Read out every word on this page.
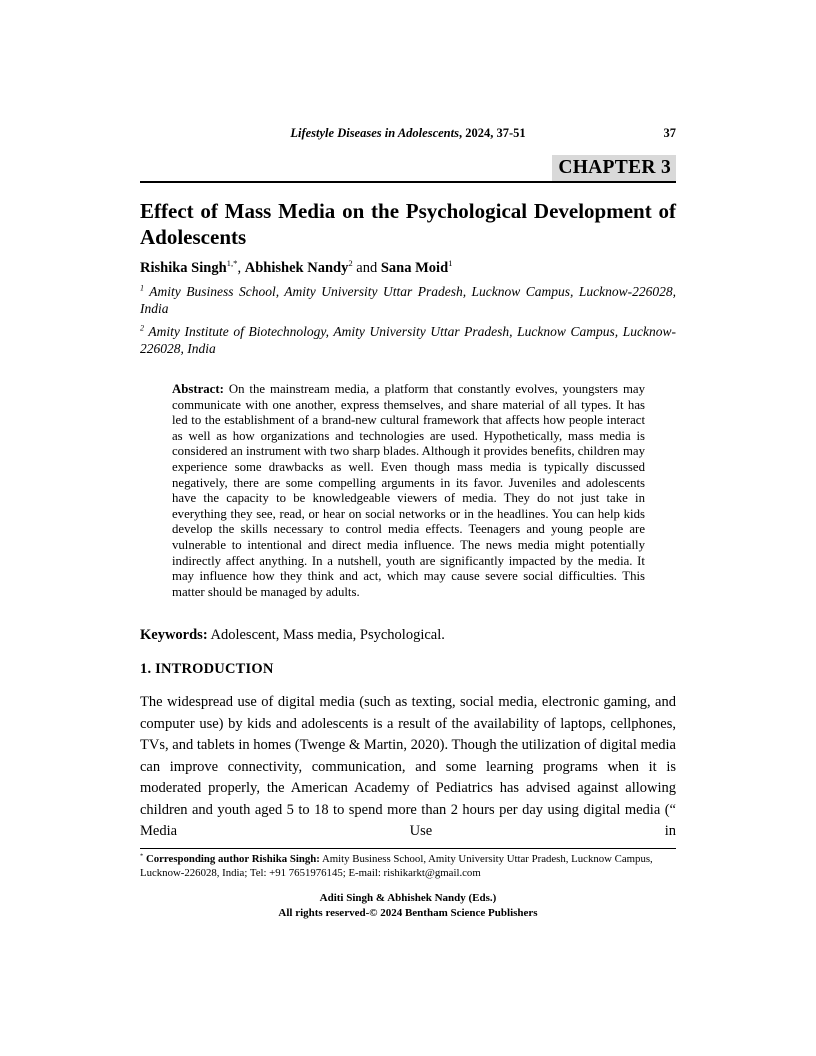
Lifestyle Diseases in Adolescents, 2024, 37-51	37
CHAPTER 3
Effect of Mass Media on the Psychological Development of Adolescents

Rishika Singh$^{1,*}$, Abhishek Nandy$^2$ and Sana Moid$^1$

$^1$ Amity Business School, Amity University Uttar Pradesh, Lucknow Campus, Lucknow-226028, India

$^2$ Amity Institute of Biotechnology, Amity University Uttar Pradesh, Lucknow Campus, Lucknow-226028, India

Abstract: On the mainstream media, a platform that constantly evolves, youngsters may communicate with one another, express themselves, and share material of all types. It has led to the establishment of a brand-new cultural framework that affects how people interact as well as how organizations and technologies are used. Hypothetically, mass media is considered an instrument with two sharp blades. Although it provides benefits, children may experience some drawbacks as well. Even though mass media is typically discussed negatively, there are some compelling arguments in its favor. Juveniles and adolescents have the capacity to be knowledgeable viewers of media. They do not just take in everything they see, read, or hear on social networks or in the headlines. You can help kids develop the skills necessary to control media effects. Teenagers and young people are vulnerable to intentional and direct media influence. The news media might potentially indirectly affect anything. In a nutshell, youth are significantly impacted by the media. It may influence how they think and act, which may cause severe social difficulties. This matter should be managed by adults.

Keywords: Adolescent, Mass media, Psychological.

1. INTRODUCTION

The widespread use of digital media (such as texting, social media, electronic gaming, and computer use) by kids and adolescents is a result of the availability of laptops, cellphones, TVs, and tablets in homes (Twenge & Martin, 2020). Though the utilization of digital media can improve connectivity, communication, and some learning programs when it is moderated properly, the American Academy of Pediatrics has advised against allowing children and youth aged 5 to 18 to spend more than 2 hours per day using digital media (“ Media Use in

* Corresponding author Rishika Singh: Amity Business School, Amity University Uttar Pradesh, Lucknow Campus, Lucknow-226028, India; Tel: +91 7651976145; E-mail: rishikarkt@gmail.com

Aditi Singh & Abhishek Nandy (Eds.)
All rights reserved-© 2024 Bentham Science Publishers
